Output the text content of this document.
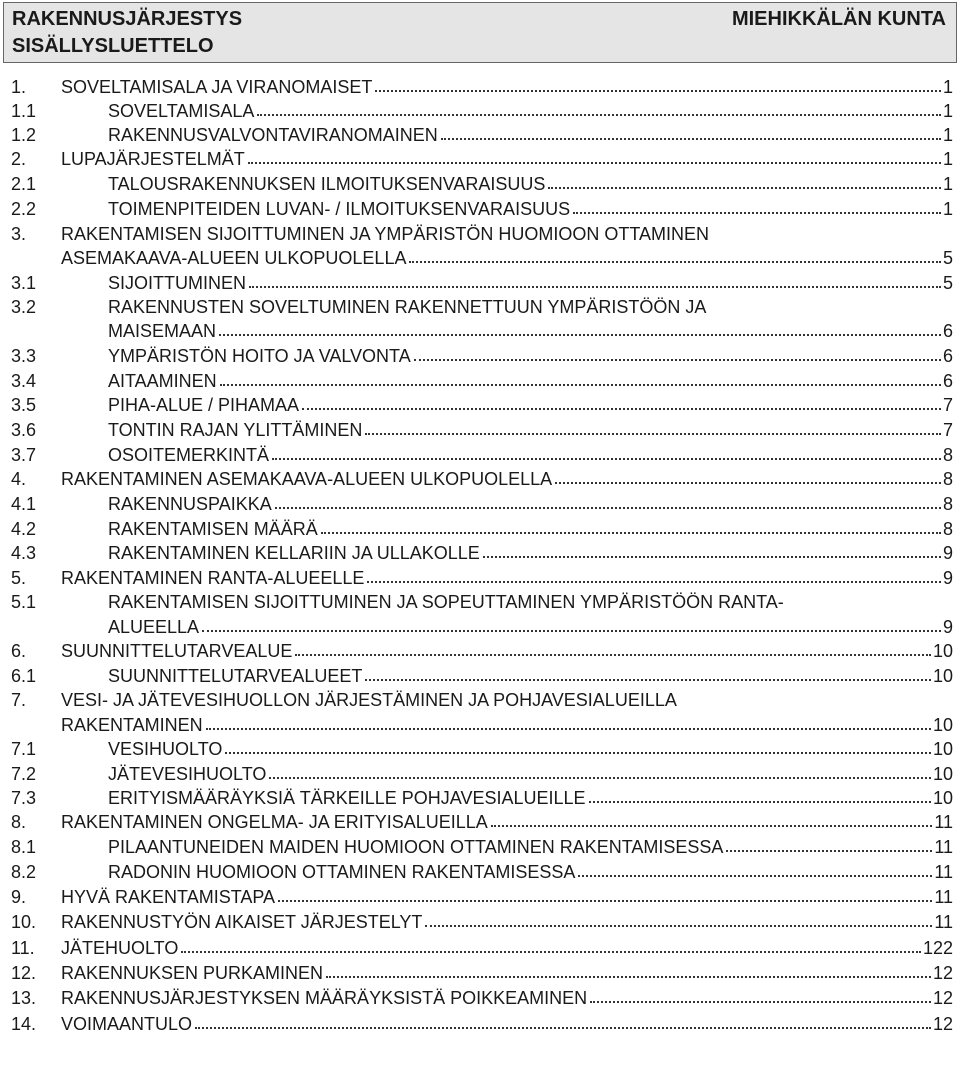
RAKENNUSJÄRJESTYS
SISÄLLYSLUETTELO
MIEHIKKÄLÄN KUNTA
1. SOVELTAMISALA JA VIRANOMAISET	1
1.1	SOVELTAMISALA	1
1.2	RAKENNUSVALVONTAVIRANOMAINEN	1
2. LUPAJÄRJESTELMÄT	1
2.1	TALOUSRAKENNUKSEN ILMOITUKSENVARAISUUS	1
2.2	TOIMENPITEIDEN LUVAN- / ILMOITUKSENVARAISUUS	1
3. RAKENTAMISEN SIJOITTUMINEN JA YMPÄRISTÖN HUOMIOON OTTAMINEN
ASEMAKAAVA-ALUEEN ULKOPUOLELLA	5
3.1	SIJOITTUMINEN	5
3.2	RAKENNUSTEN SOVELTUMINEN RAKENNETTUUN YMPÄRISTÖÖN JA
MAISEMAAN	6
3.3	YMPÄRISTÖN HOITO JA VALVONTA	6
3.4	AITAAMINEN	6
3.5	PIHA-ALUE / PIHAMAA	7
3.6	TONTIN RAJAN YLITTÄMINEN	7
3.7	OSOITEMERKINTÄ	8
4. RAKENTAMINEN ASEMAKAAVA-ALUEEN ULKOPUOLELLA	8
4.1	RAKENNUSPAIKKA	8
4.2	RAKENTAMISEN MÄÄRÄ	8
4.3	RAKENTAMINEN KELLARIIN JA ULLAKOLLE	9
5. RAKENTAMINEN RANTA-ALUEELLE	9
5.1	RAKENTAMISEN SIJOITTUMINEN JA SOPEUTTAMINEN YMPÄRISTÖÖN RANTA-
ALUEELLA	9
6. SUUNNITTELUTARVEALUE	10
6.1	SUUNNITTELUTARVEALUEET	10
7. VESI- JA JÄTEVESIHUOLLON JÄRJESTÄMINEN JA POHJAVESIALUEILLA
RAKENTAMINEN	10
7.1	VESIHUOLTO	10
7.2	JÄTEVESIHUOLTO	10
7.3	ERITYISMÄÄRÄYKSIÄ TÄRKEILLE POHJAVESIALUEILLE	10
8. RAKENTAMINEN ONGELMA- JA ERITYISALUEILLA	11
8.1	PILAANTUNEIDEN MAIDEN HUOMIOON OTTAMINEN RAKENTAMISESSA	11
8.2	RADONIN HUOMIOON OTTAMINEN RAKENTAMISESSA	11
9. HYVÄ RAKENTAMISTAPA	11
10. RAKENNUSTYÖN AIKAISET JÄRJESTELYT	11
11. JÄTEHUOLTO	122
12. RAKENNUKSEN PURKAMINEN	12
13. RAKENNUSJÄRJESTYKSEN MÄÄRÄYKSISTÄ POIKKEAMINEN	12
14. VOIMAANTULO	12
